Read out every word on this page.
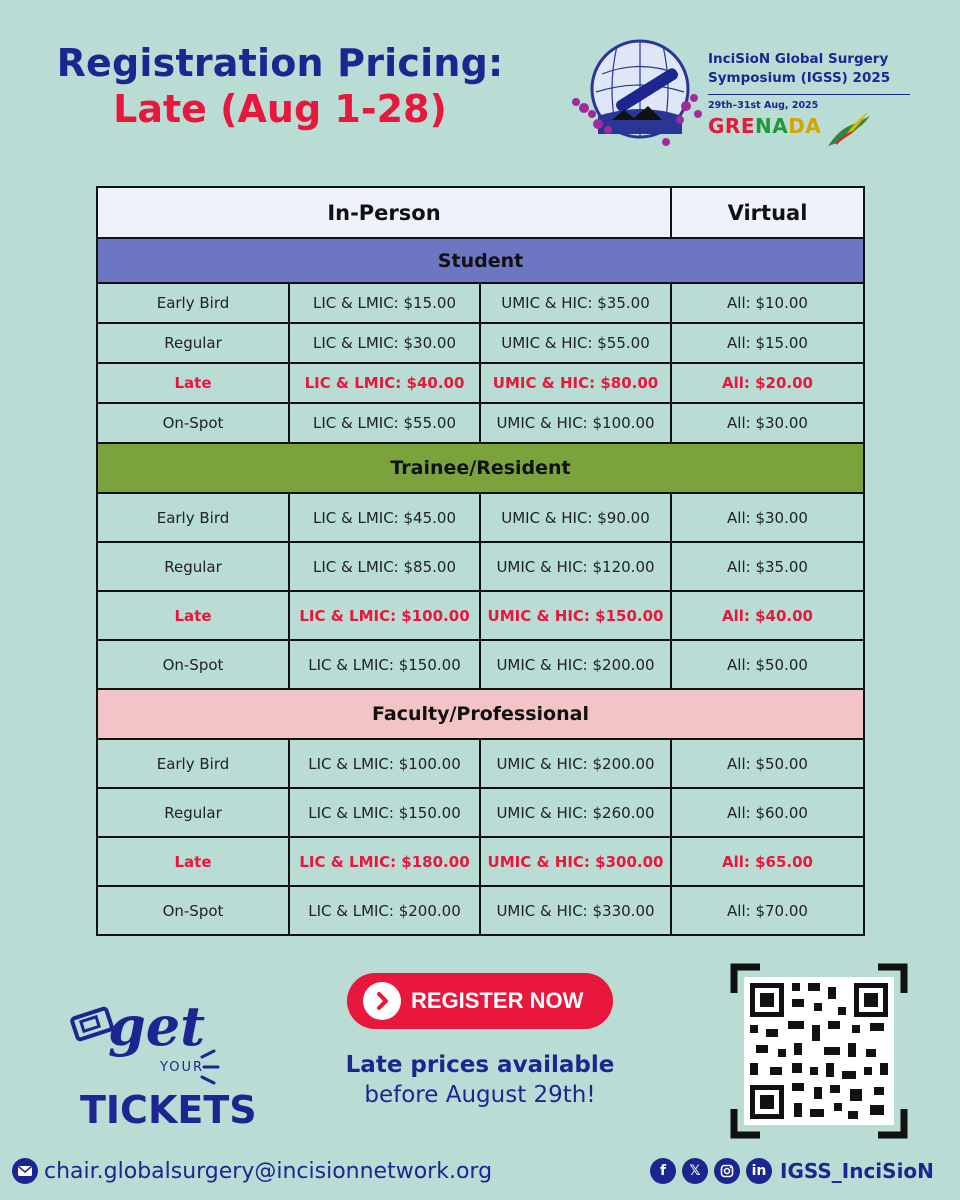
Registration Pricing:
Late (Aug 1-28)
InciSioN Global Surgery
Symposium (IGSS) 2025
29th–31st Aug, 2025
GRENADA
In-Person			Virtual
Student			
Early Bird	LIC & LMIC: $15.00	UMIC & HIC: $35.00	All: $10.00
Regular	LIC & LMIC: $30.00	UMIC & HIC: $55.00	All: $15.00
Late	LIC & LMIC: $40.00	UMIC & HIC: $80.00	All: $20.00
On-Spot	LIC & LMIC: $55.00	UMIC & HIC: $100.00	All: $30.00
Trainee/Resident			
Early Bird	LIC & LMIC: $45.00	UMIC & HIC: $90.00	All: $30.00
Regular	LIC & LMIC: $85.00	UMIC & HIC: $120.00	All: $35.00
Late	LIC & LMIC: $100.00	UMIC & HIC: $150.00	All: $40.00
On-Spot	LIC & LMIC: $150.00	UMIC & HIC: $200.00	All: $50.00
Faculty/Professional			
Early Bird	LIC & LMIC: $100.00	UMIC & HIC: $200.00	All: $50.00
Regular	LIC & LMIC: $150.00	UMIC & HIC: $260.00	All: $60.00
Late	LIC & LMIC: $180.00	UMIC & HIC: $300.00	All: $65.00
On-Spot	LIC & LMIC: $200.00	UMIC & HIC: $330.00	All: $70.00
get
YOUR
TICKETS
REGISTER NOW
Late prices available
before August 29th!
chair.globalsurgery@incisionnetwork.org	f	𝕏	in IGSS_InciSioN
